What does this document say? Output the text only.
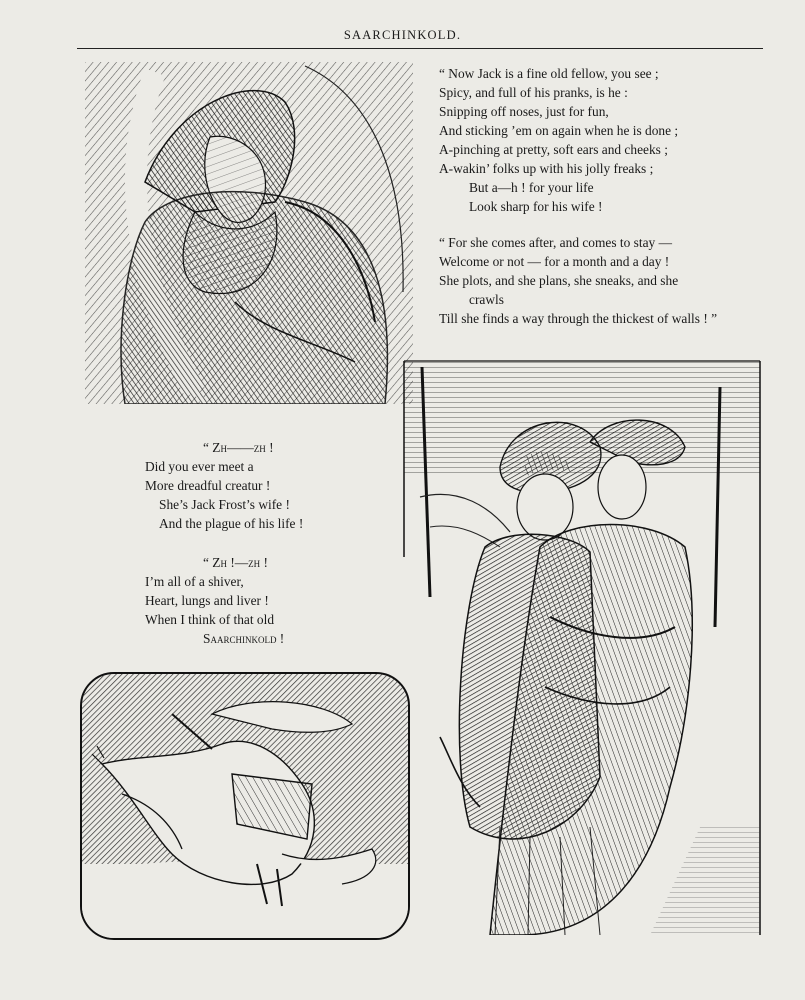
SAARCHINKOLD.
“ Now Jack is a fine old fellow, you see ;
Spicy, and full of his pranks, is he :
Snipping off noses, just for fun,
And sticking ’em on again when he is done ;
A-pinching at pretty, soft ears and cheeks ;
A-wakin’ folks up with his jolly freaks ;
But a—h ! for your life
Look sharp for his wife !
“ For she comes after, and comes to stay —
Welcome or not — for a month and a day !
She plots, and she plans, she sneaks, and she
crawls
Till she finds a way through the thickest of walls ! ”
“ Zh——zh !
Did you ever meet a
More dreadful creatur !
She’s Jack Frost’s wife !
And the plague of his life !
“ Zh !—zh !
I’m all of a shiver,
Heart, lungs and liver !
When I think of that old
Saarchinkold !
